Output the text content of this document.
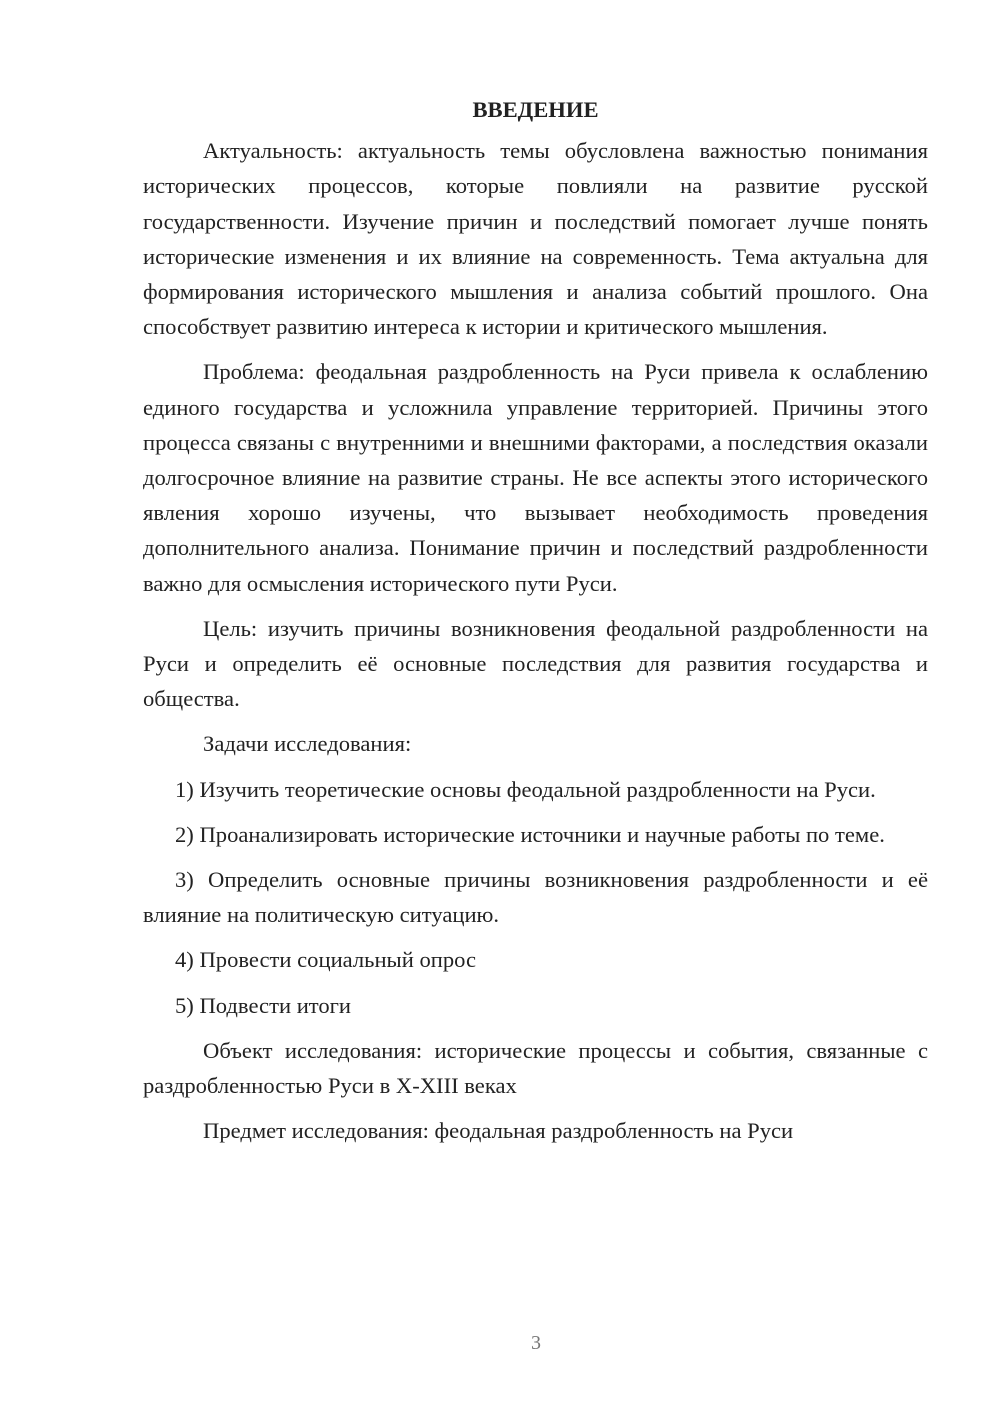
ВВЕДЕНИЕ

Актуальность: актуальность темы обусловлена важностью понимания исторических процессов, которые повлияли на развитие русской государственности. Изучение причин и последствий помогает лучше понять исторические изменения и их влияние на современность. Тема актуальна для формирования исторического мышления и анализа событий прошлого. Она способствует развитию интереса к истории и критического мышления.

Проблема: феодальная раздробленность на Руси привела к ослаблению единого государства и усложнила управление территорией. Причины этого процесса связаны с внутренними и внешними факторами, а последствия оказали долгосрочное влияние на развитие страны. Не все аспекты этого исторического явления хорошо изучены, что вызывает необходимость проведения дополнительного анализа. Понимание причин и последствий раздробленности важно для осмысления исторического пути Руси.

Цель: изучить причины возникновения феодальной раздробленности на Руси и определить её основные последствия для развития государства и общества.

Задачи исследования:

1) Изучить теоретические основы феодальной раздробленности на Руси.

2) Проанализировать исторические источники и научные работы по теме.

3) Определить основные причины возникновения раздробленности и её влияние на политическую ситуацию.

4) Провести социальный опрос

5) Подвести итоги

Объект исследования: исторические процессы и события, связанные с раздробленностью Руси в X-XIII веках

Предмет исследования: феодальная раздробленность на Руси

3
